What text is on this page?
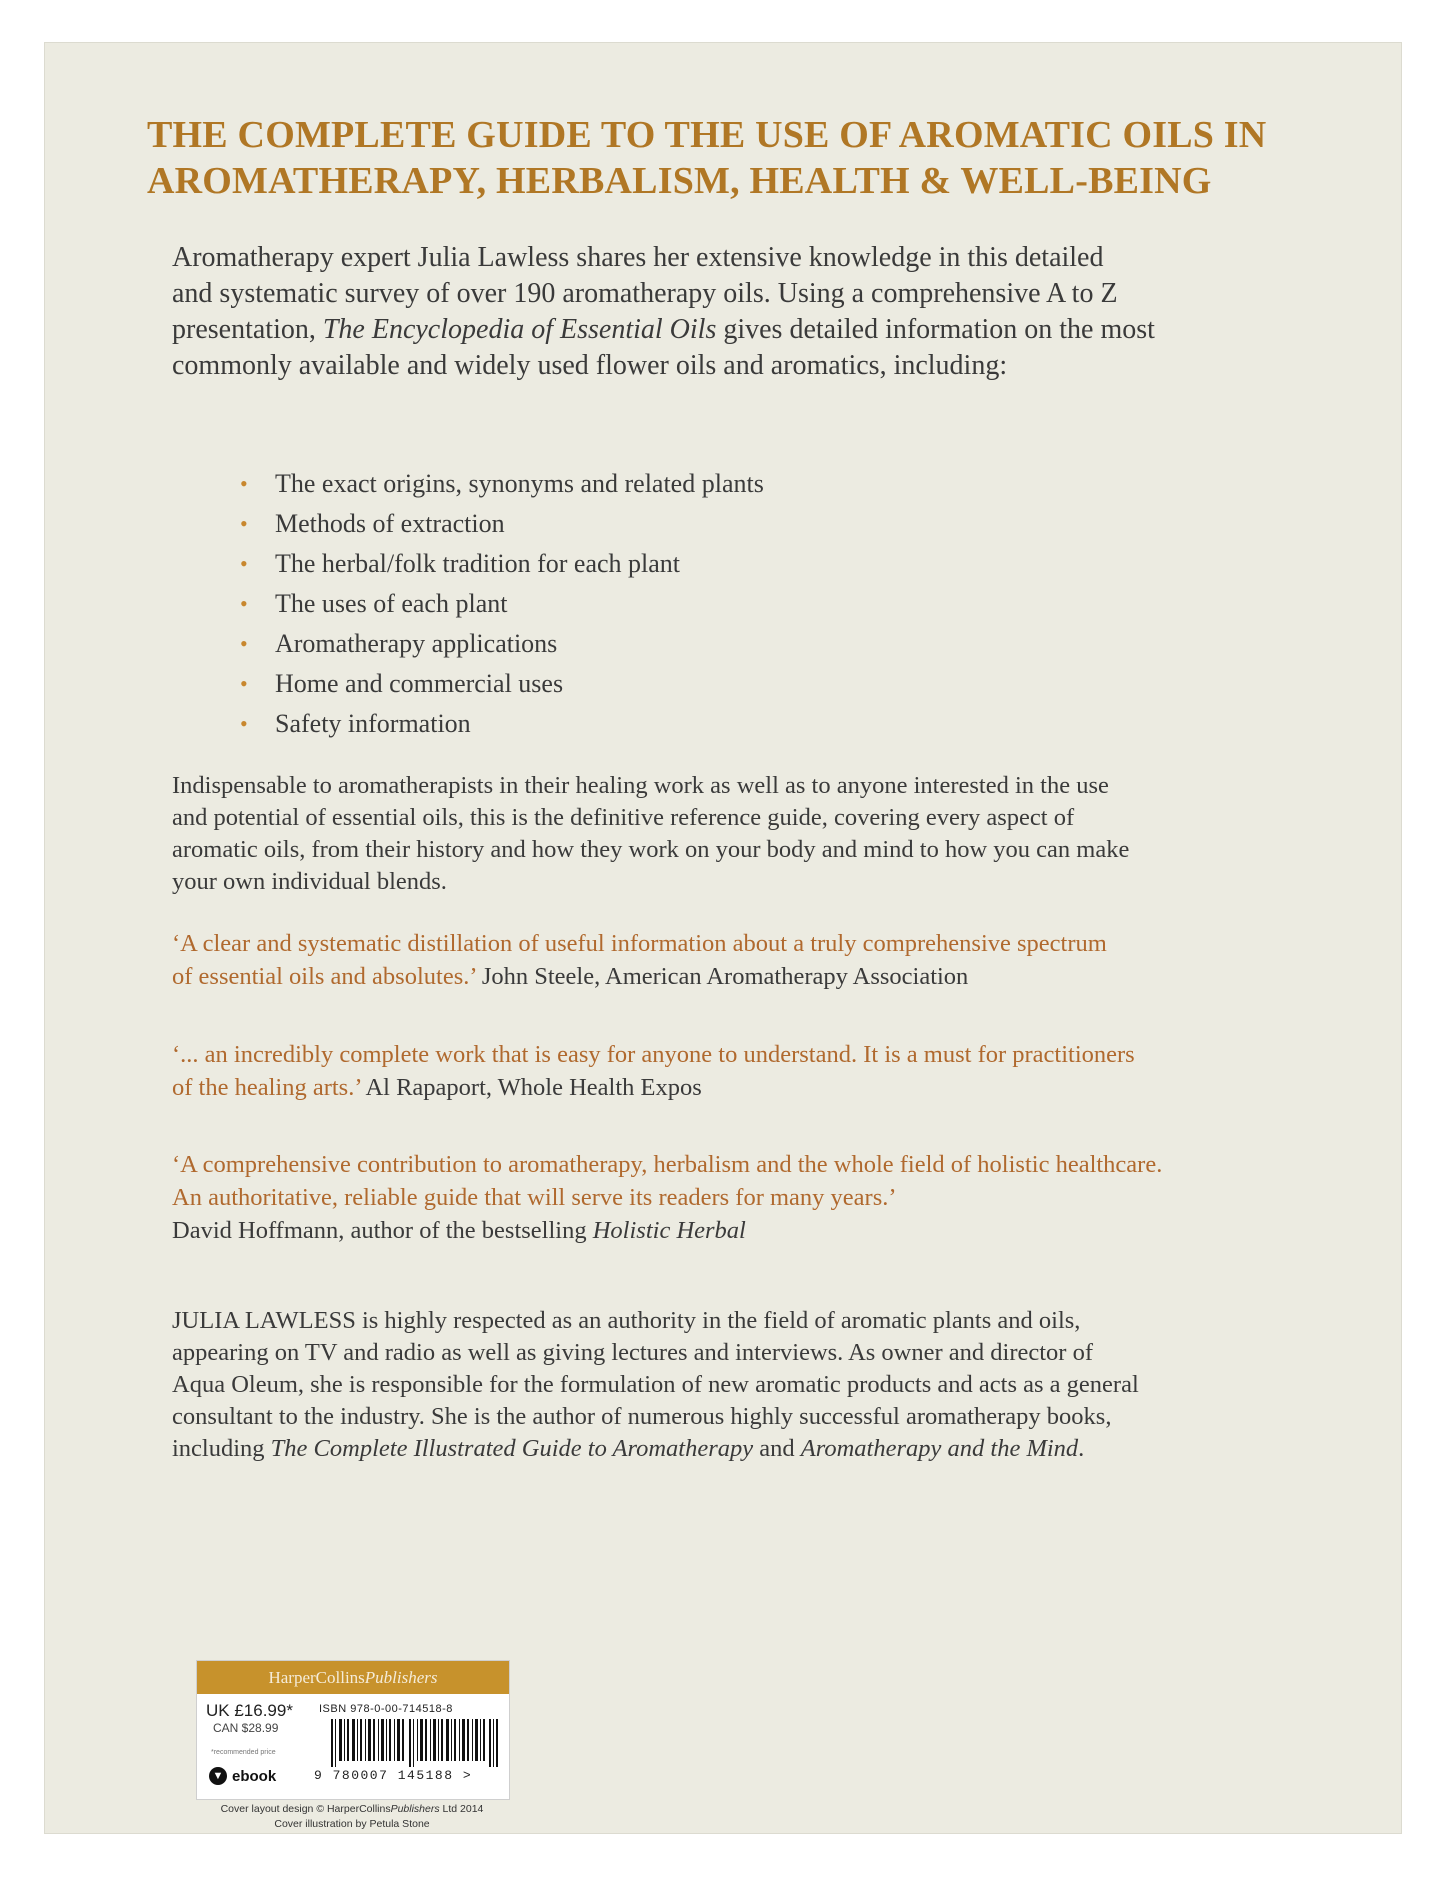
THE COMPLETE GUIDE TO THE USE OF AROMATIC OILS IN
AROMATHERAPY, HERBALISM, HEALTH & WELL-BEING
Aromatherapy expert Julia Lawless shares her extensive knowledge in this detailed
and systematic survey of over 190 aromatherapy oils. Using a comprehensive A to Z
presentation, The Encyclopedia of Essential Oils gives detailed information on the most
commonly available and widely used flower oils and aromatics, including:
• The exact origins, synonyms and related plants
• Methods of extraction
• The herbal/folk tradition for each plant
• The uses of each plant
• Aromatherapy applications
• Home and commercial uses
• Safety information
Indispensable to aromatherapists in their healing work as well as to anyone interested in the use
and potential of essential oils, this is the definitive reference guide, covering every aspect of
aromatic oils, from their history and how they work on your body and mind to how you can make
your own individual blends.
‘A clear and systematic distillation of useful information about a truly comprehensive spectrum
of essential oils and absolutes.’ John Steele, American Aromatherapy Association
‘... an incredibly complete work that is easy for anyone to understand. It is a must for practitioners
of the healing arts.’ Al Rapaport, Whole Health Expos
‘A comprehensive contribution to aromatherapy, herbalism and the whole field of holistic healthcare.
An authoritative, reliable guide that will serve its readers for many years.’
David Hoffmann, author of the bestselling Holistic Herbal
JULIA LAWLESS is highly respected as an authority in the field of aromatic plants and oils,
appearing on TV and radio as well as giving lectures and interviews. As owner and director of
Aqua Oleum, she is responsible for the formulation of new aromatic products and acts as a general
consultant to the industry. She is the author of numerous highly successful aromatherapy books,
including The Complete Illustrated Guide to Aromatherapy and Aromatherapy and the Mind.
HarperCollinsPublishers
UK £16.99*
CAN $28.99
ISBN 978-0-00-714518-8
9 780007 145188 >
*recommended price
▼ ebook
Cover layout design © HarperCollinsPublishers Ltd 2014
Cover illustration by Petula Stone
